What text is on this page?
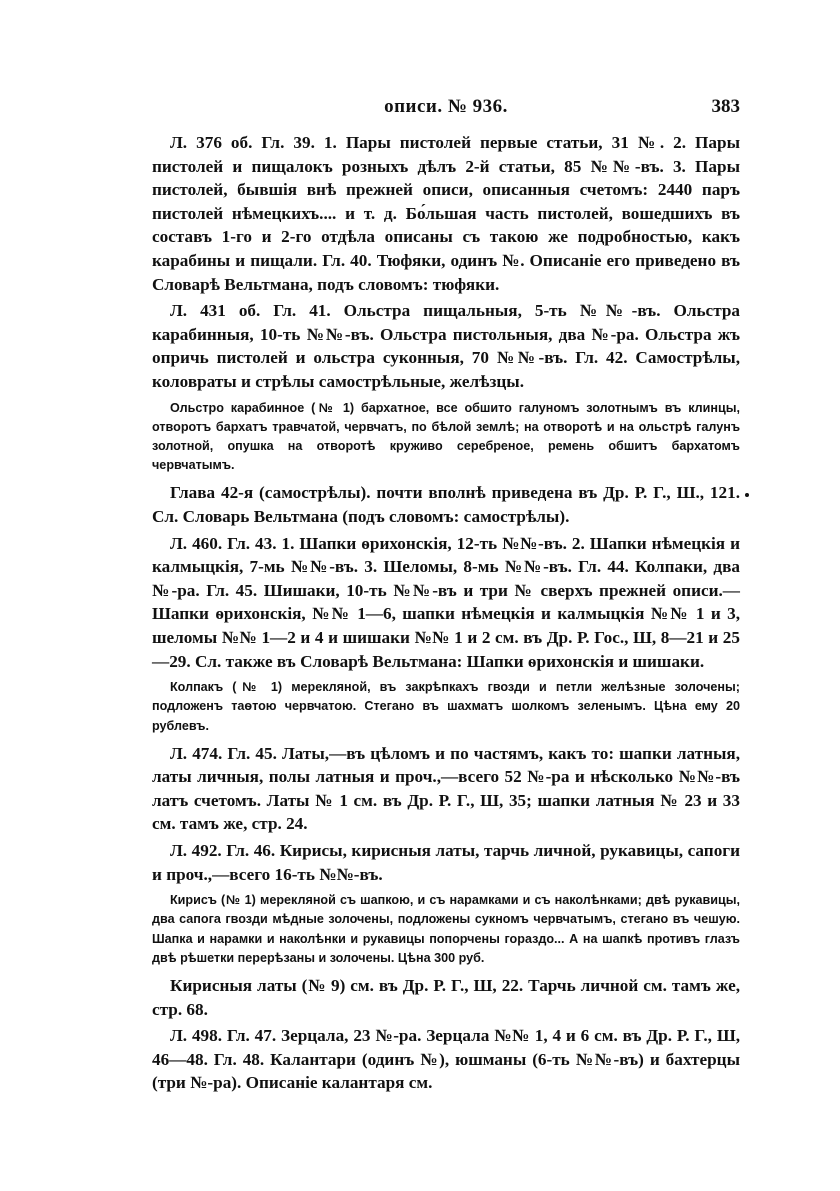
описи. № 936.	383

Л. 376 об. Гл. 39. 1. Пары пистолей первые статьи, 31 №. 2. Пары пистолей и пищалокъ розныхъ дѣлъ 2-й статьи, 85 №№-въ. 3. Пары пистолей, бывшія внѣ прежней описи, описанныя счетомъ: 2440 паръ пистолей нѣмецкихъ.... и т. д. Бо́льшая часть пистолей, вошедшихъ въ составъ 1-го и 2-го отдѣла описаны съ такою же подробностью, какъ карабины и пищали. Гл. 40. Тюфяки, одинъ №. Описаніе его приведено въ Словарѣ Вельтмана, подъ словомъ: тюфяки.

Л. 431 об. Гл. 41. Ольстра пищальныя, 5-ть №№-въ. Ольстра карабинныя, 10-ть №№-въ. Ольстра пистольныя, два №-ра. Ольстра жъ опричь пистолей и ольстра суконныя, 70 №№-въ. Гл. 42. Самострѣлы, коловраты и стрѣлы самострѣльные, желѣзцы.

Ольстро карабинное (№ 1) бархатное, все обшито галуномъ золотнымъ въ клинцы, отворотъ бархатъ травчатой, червчатъ, по бѣлой землѣ; на отворотѣ и на ольстрѣ галунъ золотной, опушка на отворотѣ круживо серебреное, ремень обшитъ бархатомъ червчатымъ.

Глава 42-я (самострѣлы). почти вполнѣ приведена въ Др. Р. Г., Ш., 121. Сл. Словарь Вельтмана (подъ словомъ: самострѣлы).

Л. 460. Гл. 43. 1. Шапки ѳрихонскія, 12-ть №№-въ. 2. Шапки нѣмецкія и калмыцкія, 7-мь №№-въ. 3. Шеломы, 8-мь №№-въ. Гл. 44. Колпаки, два №-ра. Гл. 45. Шишаки, 10-ть №№-въ и три № сверхъ прежней описи.—Шапки ѳрихонскія, №№ 1—6, шапки нѣмецкія и калмыцкія №№ 1 и 3, шеломы №№ 1—2 и 4 и шишаки №№ 1 и 2 см. въ Др. Р. Гос., Ш, 8—21 и 25—29. Сл. также въ Словарѣ Вельтмана: Шапки ѳрихонскія и шишаки.

Колпакъ (№ 1) мерекляной, въ закрѣпкахъ гвозди и петли желѣзные золочены; подложенъ таѳтою червчатою. Стегано въ шахматъ шолкомъ зеленымъ. Цѣна ему 20 рублевъ.

Л. 474. Гл. 45. Латы,—въ цѣломъ и по частямъ, какъ то: шапки латныя, латы личныя, полы латныя и проч.,—всего 52 №-ра и нѣсколько №№-въ латъ счетомъ. Латы № 1 см. въ Др. Р. Г., Ш, 35; шапки латныя № 23 и 33 см. тамъ же, стр. 24.

Л. 492. Гл. 46. Кирисы, кирисныя латы, тарчь личной, рукавицы, сапоги и проч.,—всего 16-ть №№-въ.

Кирисъ (№ 1) мерекляной съ шапкою, и съ нарамками и съ наколѣнками; двѣ рукавицы, два сапога гвозди мѣдные золочены, подложены сукномъ червчатымъ, стегано въ чешую. Шапка и нарамки и наколѣнки и рукавицы попорчены гораздо... А на шапкѣ противъ глазъ двѣ рѣшетки перерѣзаны и золочены. Цѣна 300 руб.

Кирисныя латы (№ 9) см. въ Др. Р. Г., Ш, 22. Тарчь личной см. тамъ же, стр. 68.

Л. 498. Гл. 47. Зерцала, 23 №-ра. Зерцала №№ 1, 4 и 6 см. въ Др. Р. Г., Ш, 46—48. Гл. 48. Калантари (одинъ №), юшманы (6-ть №№-въ) и бахтерцы (три №-ра). Описаніе калантаря см.
